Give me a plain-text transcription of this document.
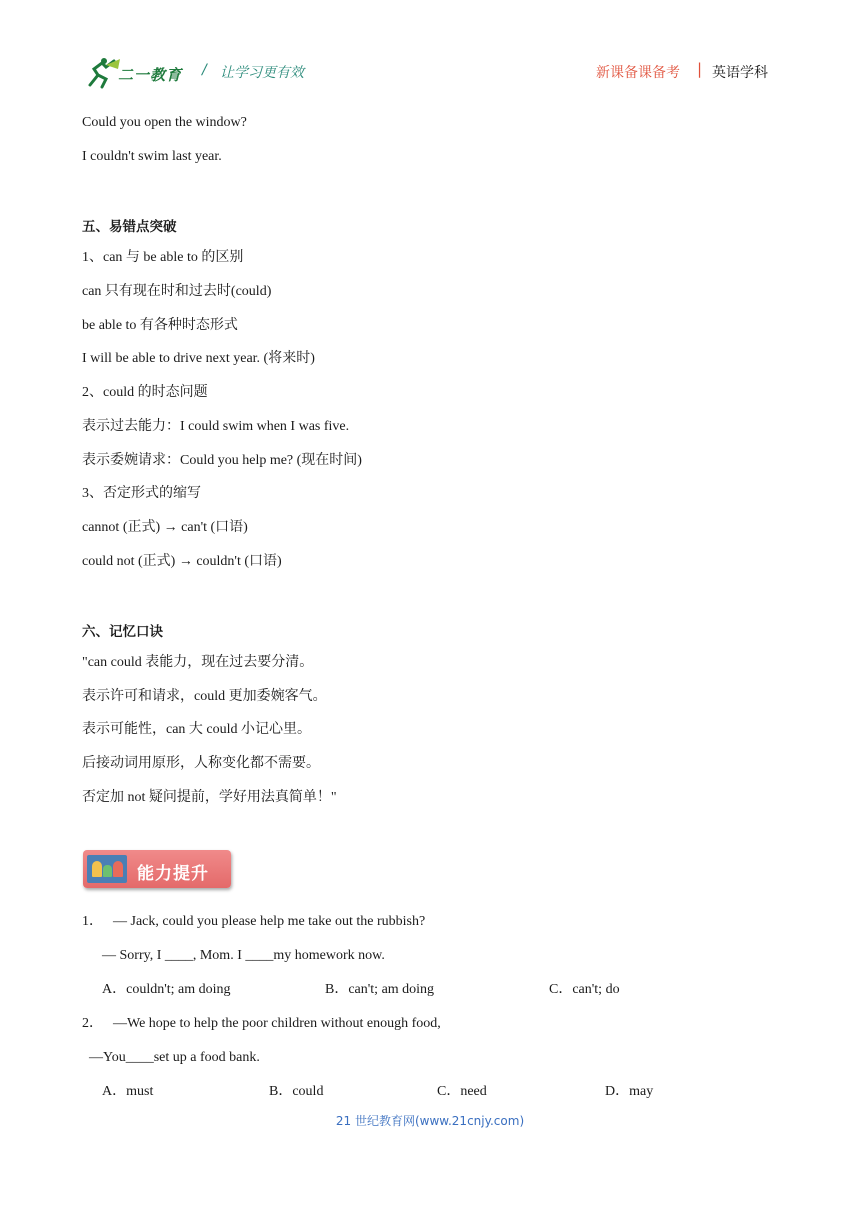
二一教育 / 让学习更有效	新课备课备考 | 英语学科
Could you open the window?
I couldn't swim last year.
五、易错点突破
1、can 与 be able to 的区别
can 只有现在时和过去时(could)
be able to 有各种时态形式
I will be able to drive next year. (将来时)
2、could 的时态问题
表示过去能力：I could swim when I was five.
表示委婉请求：Could you help me? (现在时间)
3、否定形式的缩写
cannot (正式) → can't (口语)
could not (正式) → couldn't (口语)
六、记忆口诀
"can could 表能力，现在过去要分清。
表示许可和请求，could 更加委婉客气。
表示可能性，can 大 could 小记心里。
后接动词用原形，人称变化都不需要。
否定加 not 疑问提前，学好用法真简单！"
能力提升
1． — Jack, could you please help me take out the rubbish?
— Sorry, I ____, Mom. I ____my homework now.
A．couldn't; am doing	B．can't; am doing	C．can't; do
2． —We hope to help the poor children without enough food,
—You____set up a food bank.
A．must	B．could	C．need	D．may
21 世纪教育网(www.21cnjy.com)
